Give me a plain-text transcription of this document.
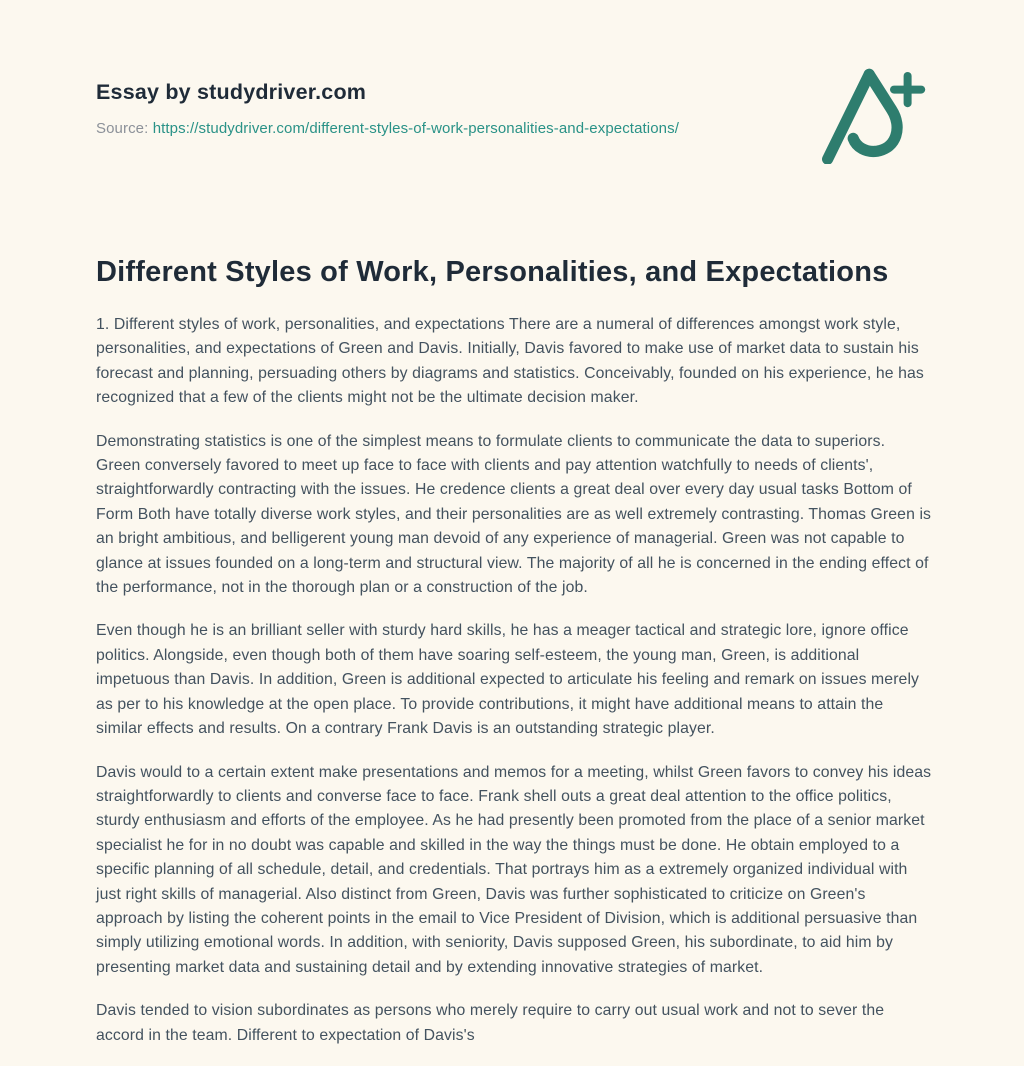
Essay by studydriver.com

Source: https://studydriver.com/different-styles-of-work-personalities-and-expectations/

Different Styles of Work, Personalities, and Expectations

1. Different styles of work, personalities, and expectations There are a numeral of differences amongst work style, personalities, and expectations of Green and Davis. Initially, Davis favored to make use of market data to sustain his forecast and planning, persuading others by diagrams and statistics. Conceivably, founded on his experience, he has recognized that a few of the clients might not be the ultimate decision maker.

Demonstrating statistics is one of the simplest means to formulate clients to communicate the data to superiors. Green conversely favored to meet up face to face with clients and pay attention watchfully to needs of clients', straightforwardly contracting with the issues. He credence clients a great deal over every day usual tasks Bottom of Form Both have totally diverse work styles, and their personalities are as well extremely contrasting. Thomas Green is an bright ambitious, and belligerent young man devoid of any experience of managerial. Green was not capable to glance at issues founded on a long-term and structural view. The majority of all he is concerned in the ending effect of the performance, not in the thorough plan or a construction of the job.

Even though he is an brilliant seller with sturdy hard skills, he has a meager tactical and strategic lore, ignore office politics. Alongside, even though both of them have soaring self-esteem, the young man, Green, is additional impetuous than Davis. In addition, Green is additional expected to articulate his feeling and remark on issues merely as per to his knowledge at the open place. To provide contributions, it might have additional means to attain the similar effects and results. On a contrary Frank Davis is an outstanding strategic player.

Davis would to a certain extent make presentations and memos for a meeting, whilst Green favors to convey his ideas straightforwardly to clients and converse face to face. Frank shell outs a great deal attention to the office politics, sturdy enthusiasm and efforts of the employee. As he had presently been promoted from the place of a senior market specialist he for in no doubt was capable and skilled in the way the things must be done. He obtain employed to a specific planning of all schedule, detail, and credentials. That portrays him as a extremely organized individual with just right skills of managerial. Also distinct from Green, Davis was further sophisticated to criticize on Green's approach by listing the coherent points in the email to Vice President of Division, which is additional persuasive than simply utilizing emotional words. In addition, with seniority, Davis supposed Green, his subordinate, to aid him by presenting market data and sustaining detail and by extending innovative strategies of market.

Davis tended to vision subordinates as persons who merely require to carry out usual work and not to sever the accord in the team. Different to expectation of Davis's
